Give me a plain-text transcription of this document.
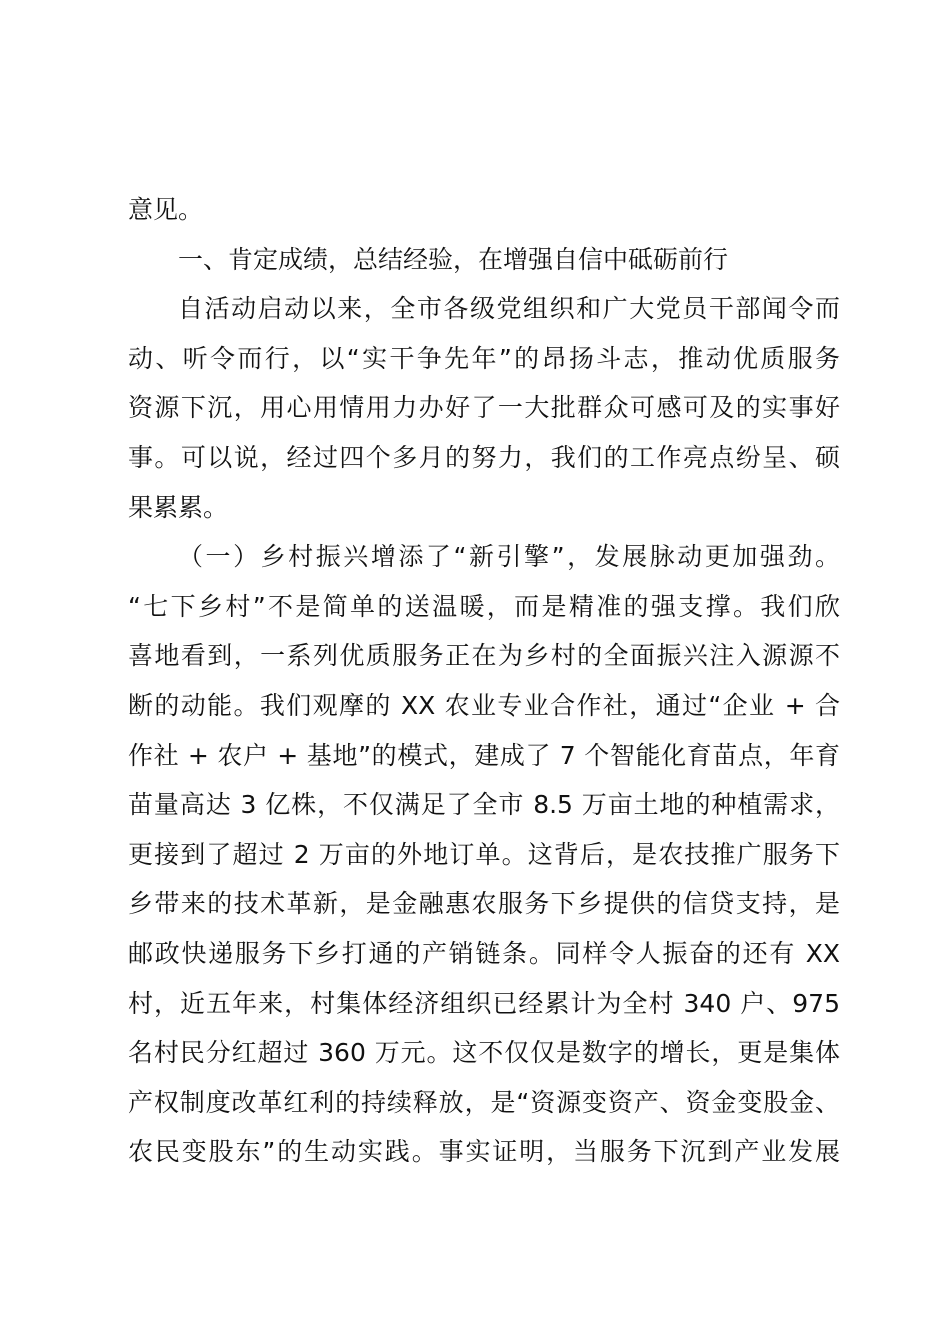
意见。
一、肯定成绩，总结经验，在增强自信中砥砺前行
自活动启动以来，全市各级党组织和广大党员干部闻令而
动、听令而行，以“实干争先年”的昂扬斗志，推动优质服务
资源下沉，用心用情用力办好了一大批群众可感可及的实事好
事。可以说，经过四个多月的努力，我们的工作亮点纷呈、硕
果累累。
（一）乡村振兴增添了“新引擎”，发展脉动更加强劲。
“七下乡村”不是简单的送温暖，而是精准的强支撑。我们欣
喜地看到，一系列优质服务正在为乡村的全面振兴注入源源不
断的动能。我们观摩的 XX 农业专业合作社，通过“企业 + 合
作社 + 农户 + 基地”的模式，建成了 7 个智能化育苗点，年育
苗量高达 3 亿株，不仅满足了全市 8.5 万亩土地的种植需求，
更接到了超过 2 万亩的外地订单。这背后，是农技推广服务下
乡带来的技术革新，是金融惠农服务下乡提供的信贷支持，是
邮政快递服务下乡打通的产销链条。同样令人振奋的还有 XX
村，近五年来，村集体经济组织已经累计为全村 340 户、975
名村民分红超过 360 万元。这不仅仅是数字的增长，更是集体
产权制度改革红利的持续释放，是“资源变资产、资金变股金、
农民变股东”的生动实践。事实证明，当服务下沉到产业发展
